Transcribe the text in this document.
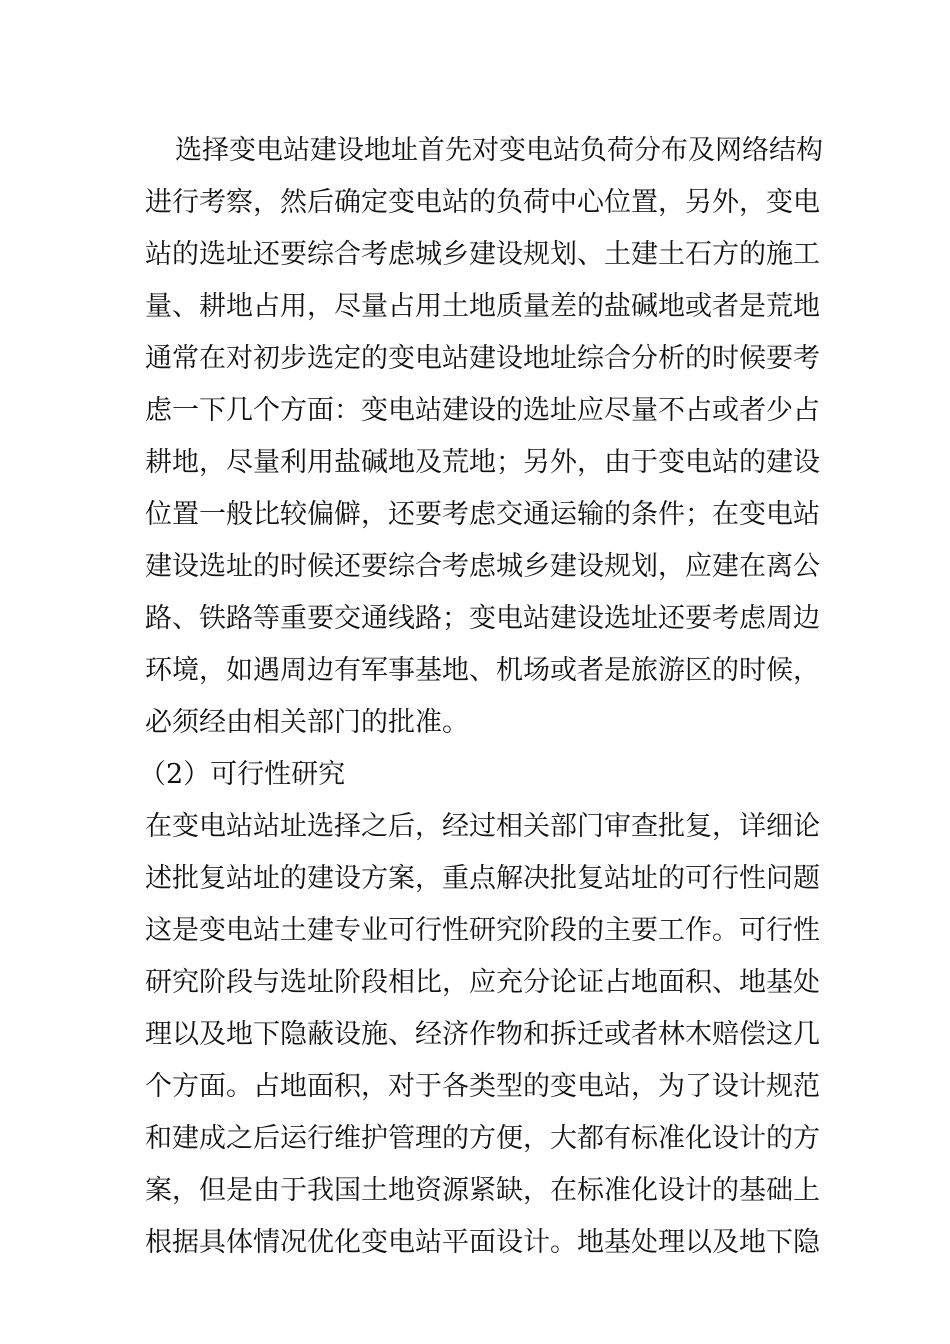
选择变电站建设地址首先对变电站负荷分布及网络结构
进行考察，然后确定变电站的负荷中心位置，另外，变电
站的选址还要综合考虑城乡建设规划、土建土石方的施工
量、耕地占用，尽量占用土地质量差的盐碱地或者是荒地
通常在对初步选定的变电站建设地址综合分析的时候要考
虑一下几个方面：变电站建设的选址应尽量不占或者少占
耕地，尽量利用盐碱地及荒地；另外，由于变电站的建设
位置一般比较偏僻，还要考虑交通运输的条件；在变电站
建设选址的时候还要综合考虑城乡建设规划，应建在离公
路、铁路等重要交通线路；变电站建设选址还要考虑周边
环境，如遇周边有军事基地、机场或者是旅游区的时候，
必须经由相关部门的批准。
（2）可行性研究
在变电站站址选择之后，经过相关部门审查批复，详细论
述批复站址的建设方案，重点解决批复站址的可行性问题
这是变电站土建专业可行性研究阶段的主要工作。可行性
研究阶段与选址阶段相比，应充分论证占地面积、地基处
理以及地下隐蔽设施、经济作物和拆迁或者林木赔偿这几
个方面。占地面积，对于各类型的变电站，为了设计规范
和建成之后运行维护管理的方便，大都有标准化设计的方
案，但是由于我国土地资源紧缺，在标准化设计的基础上
根据具体情况优化变电站平面设计。地基处理以及地下隐
